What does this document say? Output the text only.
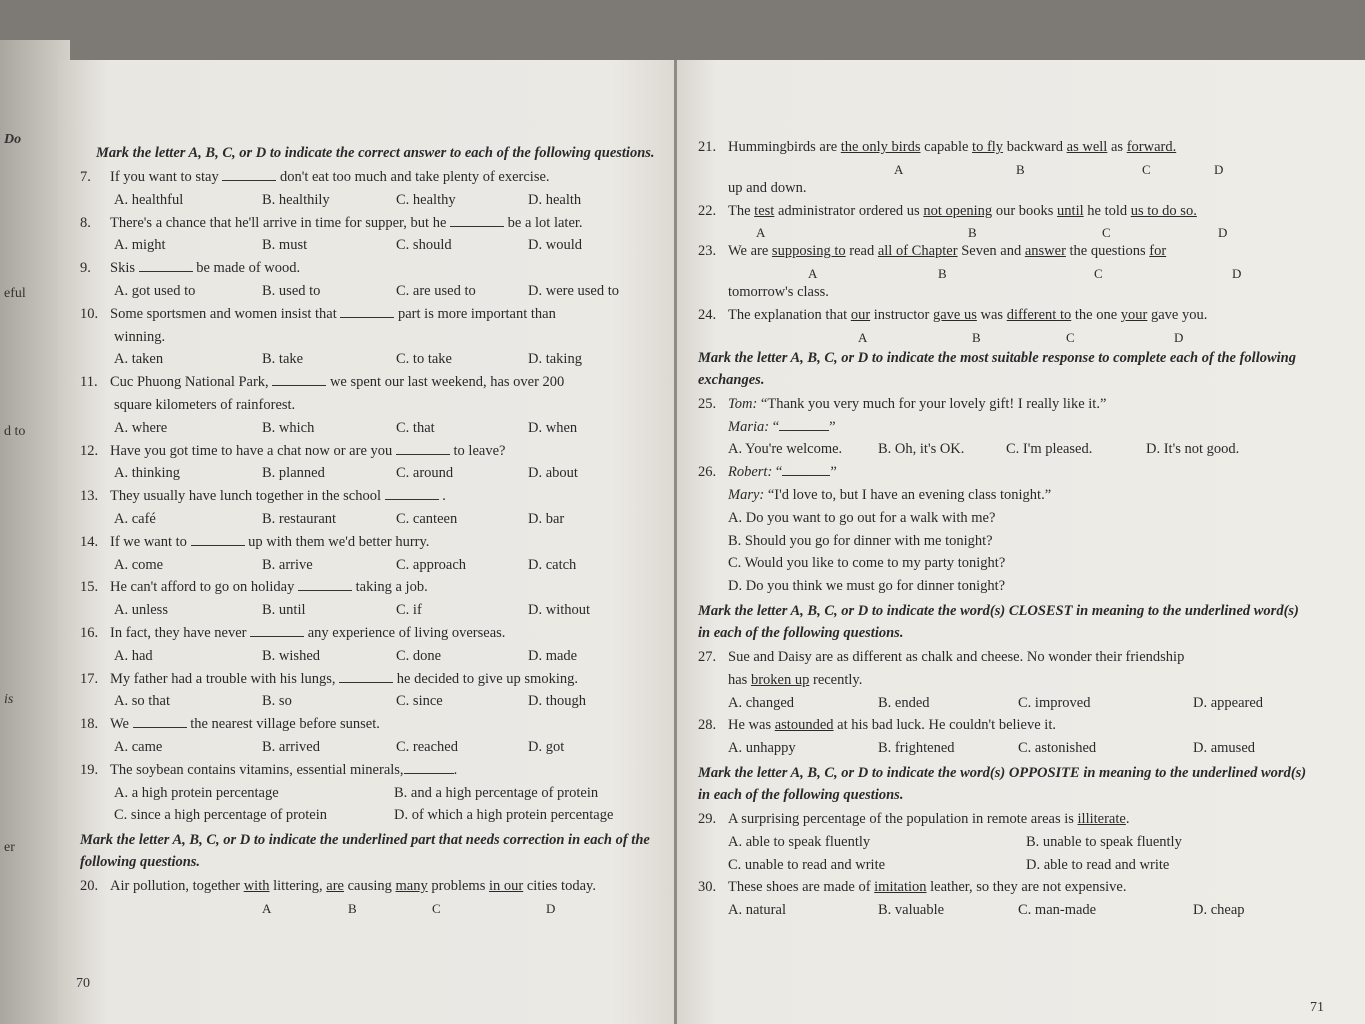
Do
eful
d to
is
er
Mark the letter A, B, C, or D to indicate the correct answer to each of the following questions.
7.	If you want to stay	don't eat too much and take plenty of exercise.
A. healthful	B. healthily	C. healthy	D. health
8.	There's a chance that he'll arrive in time for supper, but he	be a lot later.
A. might	B. must	C. should	D. would
9.	Skis	be made of wood.
A. got used to	B. used to	C. are used to	D. were used to
10. Some sportsmen and women insist that	part is more important than
winning.
A. taken	B. take	C. to take	D. taking
11. Cuc Phuong National Park,	we spent our last weekend, has over 200
square kilometers of rainforest.
A. where	B. which	C. that	D. when
12. Have you got time to have a chat now or are you	to leave?
A. thinking	B. planned	C. around	D. about
13. They usually have lunch together in the school	.
A. café	B. restaurant	C. canteen	D. bar
14. If we want to	up with them we'd better hurry.
A. come	B. arrive	C. approach	D. catch
15. He can't afford to go on holiday	taking a job.
A. unless	B. until	C. if	D. without
16. In fact, they have never	any experience of living overseas.
A. had	B. wished	C. done	D. made
17. My father had a trouble with his lungs,	he decided to give up smoking.
A. so that	B. so	C. since	D. though
18. We	the nearest village before sunset.
A. came	B. arrived	C. reached	D. got
19. The soybean contains vitamins, essential minerals,	.
A. a high protein percentage	B. and a high percentage of protein
C. since a high percentage of protein	D. of which a high protein percentage
Mark the letter A, B, C, or D to indicate the underlined part that needs correction in each of the following questions.
20. Air pollution, together with littering, are causing many problems in our cities today.
A	B	C	D
70
21. Hummingbirds are the only birds capable to fly backward as well as forward.
A	B	C	D
up and down.
22. The test administrator ordered us not opening our books until he told us to do so.
A	B	C	D
23. We are supposing to read all of Chapter Seven and answer the questions for
A	B	C	D
tomorrow's class.
24. The explanation that our instructor gave us was different to the one your gave you.
A	B	C	D
Mark the letter A, B, C, or D to indicate the most suitable response to complete each of the following exchanges.
25. Tom: “Thank you very much for your lovely gift! I really like it.”
Maria: “	”
A. You're welcome.	B. Oh, it's OK.	C. I'm pleased.	D. It's not good.
26. Robert: “	”
Mary: “I'd love to, but I have an evening class tonight.”
A. Do you want to go out for a walk with me?
B. Should you go for dinner with me tonight?
C. Would you like to come to my party tonight?
D. Do you think we must go for dinner tonight?
Mark the letter A, B, C, or D to indicate the word(s) CLOSEST in meaning to the underlined word(s) in each of the following questions.
27. Sue and Daisy are as different as chalk and cheese. No wonder their friendship
has broken up recently.
A. changed	B. ended	C. improved	D. appeared
28. He was astounded at his bad luck. He couldn't believe it.
A. unhappy	B. frightened	C. astonished	D. amused
Mark the letter A, B, C, or D to indicate the word(s) OPPOSITE in meaning to the underlined word(s) in each of the following questions.
29. A surprising percentage of the population in remote areas is illiterate.
A. able to speak fluently	B. unable to speak fluently
C. unable to read and write	D. able to read and write
30. These shoes are made of imitation leather, so they are not expensive.
A. natural	B. valuable	C. man-made	D. cheap
71
